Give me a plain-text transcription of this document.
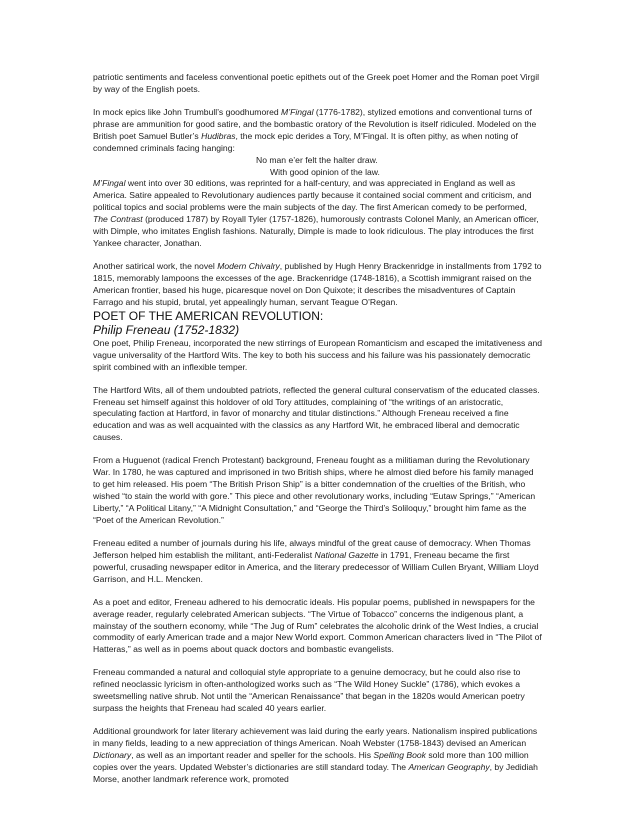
patriotic sentiments and faceless conventional poetic epithets out of the Greek poet Homer and the Roman poet Virgil by way of the English poets.

In mock epics like John Trumbull’s goodhumored M’Fingal (1776-1782), stylized emotions and conventional turns of phrase are ammunition for good satire, and the bombastic oratory of the Revolution is itself ridiculed. Modeled on the British poet Samuel Butler’s Hudibras, the mock epic derides a Tory, M’Fingal. It is often pithy, as when noting of condemned criminals facing hanging:

No man e’er felt the halter draw.
With good opinion of the law.

M’Fingal went into over 30 editions, was reprinted for a half-century, and was appreciated in England as well as America. Satire appealed to Revolutionary audiences partly because it contained social comment and criticism, and political topics and social problems were the main subjects of the day. The first American comedy to be performed, The Contrast (produced 1787) by Royall Tyler (1757-1826), humorously contrasts Colonel Manly, an American officer, with Dimple, who imitates English fashions. Naturally, Dimple is made to look ridiculous. The play introduces the first Yankee character, Jonathan.

Another satirical work, the novel Modern Chivalry, published by Hugh Henry Brackenridge in installments from 1792 to 1815, memorably lampoons the excesses of the age. Brackenridge (1748-1816), a Scottish immigrant raised on the American frontier, based his huge, picaresque novel on Don Quixote; it describes the misadventures of Captain Farrago and his stupid, brutal, yet appealingly human, servant Teague O’Regan.

POET OF THE AMERICAN REVOLUTION:
Philip Freneau (1752-1832)

One poet, Philip Freneau, incorporated the new stirrings of European Romanticism and escaped the imitativeness and vague universality of the Hartford Wits. The key to both his success and his failure was his passionately democratic spirit combined with an inflexible temper.

The Hartford Wits, all of them undoubted patriots, reflected the general cultural conservatism of the educated classes. Freneau set himself against this holdover of old Tory attitudes, complaining of “the writings of an aristocratic, speculating faction at Hartford, in favor of monarchy and titular distinctions.” Although Freneau received a fine education and was as well acquainted with the classics as any Hartford Wit, he embraced liberal and democratic causes.

From a Huguenot (radical French Protestant) background, Freneau fought as a militiaman during the Revolutionary War. In 1780, he was captured and imprisoned in two British ships, where he almost died before his family managed to get him released. His poem “The British Prison Ship” is a bitter condemnation of the cruelties of the British, who wished “to stain the world with gore.” This piece and other revolutionary works, including “Eutaw Springs,” “American Liberty,” “A Political Litany,” “A Midnight Consultation,” and “George the Third’s Soliloquy,” brought him fame as the “Poet of the American Revolution.”

Freneau edited a number of journals during his life, always mindful of the great cause of democracy. When Thomas Jefferson helped him establish the militant, anti-Federalist National Gazette in 1791, Freneau became the first powerful, crusading newspaper editor in America, and the literary predecessor of William Cullen Bryant, William Lloyd Garrison, and H.L. Mencken.

As a poet and editor, Freneau adhered to his democratic ideals. His popular poems, published in newspapers for the average reader, regularly celebrated American subjects. “The Virtue of Tobacco” concerns the indigenous plant, a mainstay of the southern economy, while “The Jug of Rum” celebrates the alcoholic drink of the West Indies, a crucial commodity of early American trade and a major New World export. Common American characters lived in “The Pilot of Hatteras,” as well as in poems about quack doctors and bombastic evangelists.

Freneau commanded a natural and colloquial style appropriate to a genuine democracy, but he could also rise to refined neoclassic lyricism in often-anthologized works such as “The Wild Honey Suckle” (1786), which evokes a sweetsmelling native shrub. Not until the “American Renaissance” that began in the 1820s would American poetry surpass the heights that Freneau had scaled 40 years earlier.

Additional groundwork for later literary achievement was laid during the early years. Nationalism inspired publications in many fields, leading to a new appreciation of things American. Noah Webster (1758-1843) devised an American Dictionary, as well as an important reader and speller for the schools. His Spelling Book sold more than 100 million copies over the years. Updated Webster’s dictionaries are still standard today. The American Geography, by Jedidiah Morse, another landmark reference work, promoted
